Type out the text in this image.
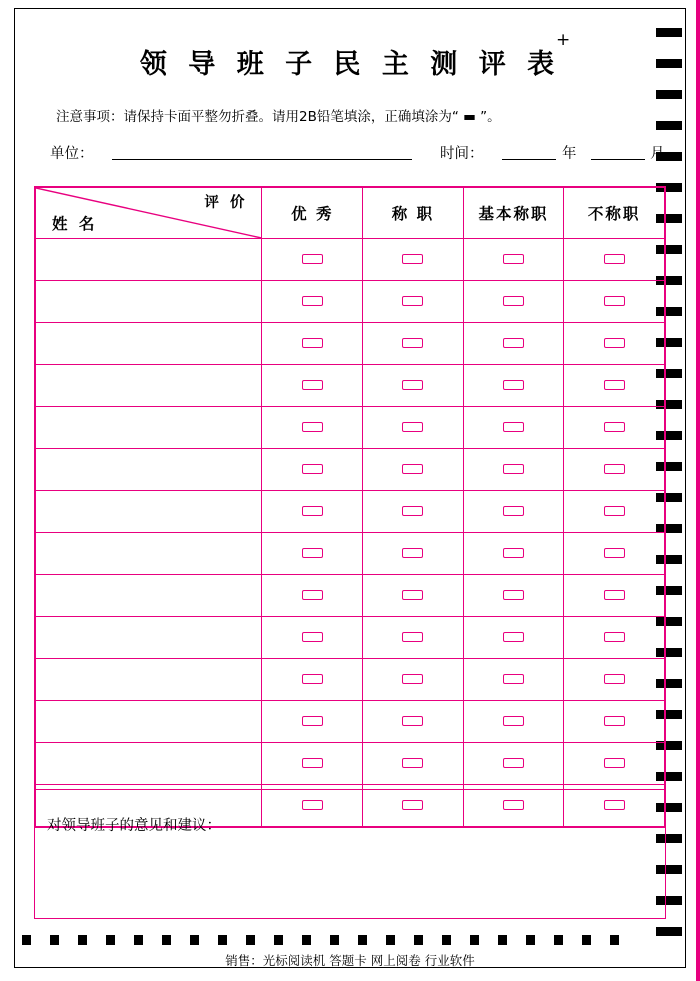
+
领 导 班 子 民 主 测 评 表
注意事项：请保持卡面平整勿折叠。请用2B铅笔填涂，正确填涂为“ ▬ ”。
单位：	时间：	年	月
评 价
姓 名	优 秀	称 职	基本称职	不称职

对领导班子的意见和建议：
销售：光标阅读机 答题卡 网上阅卷 行业软件
